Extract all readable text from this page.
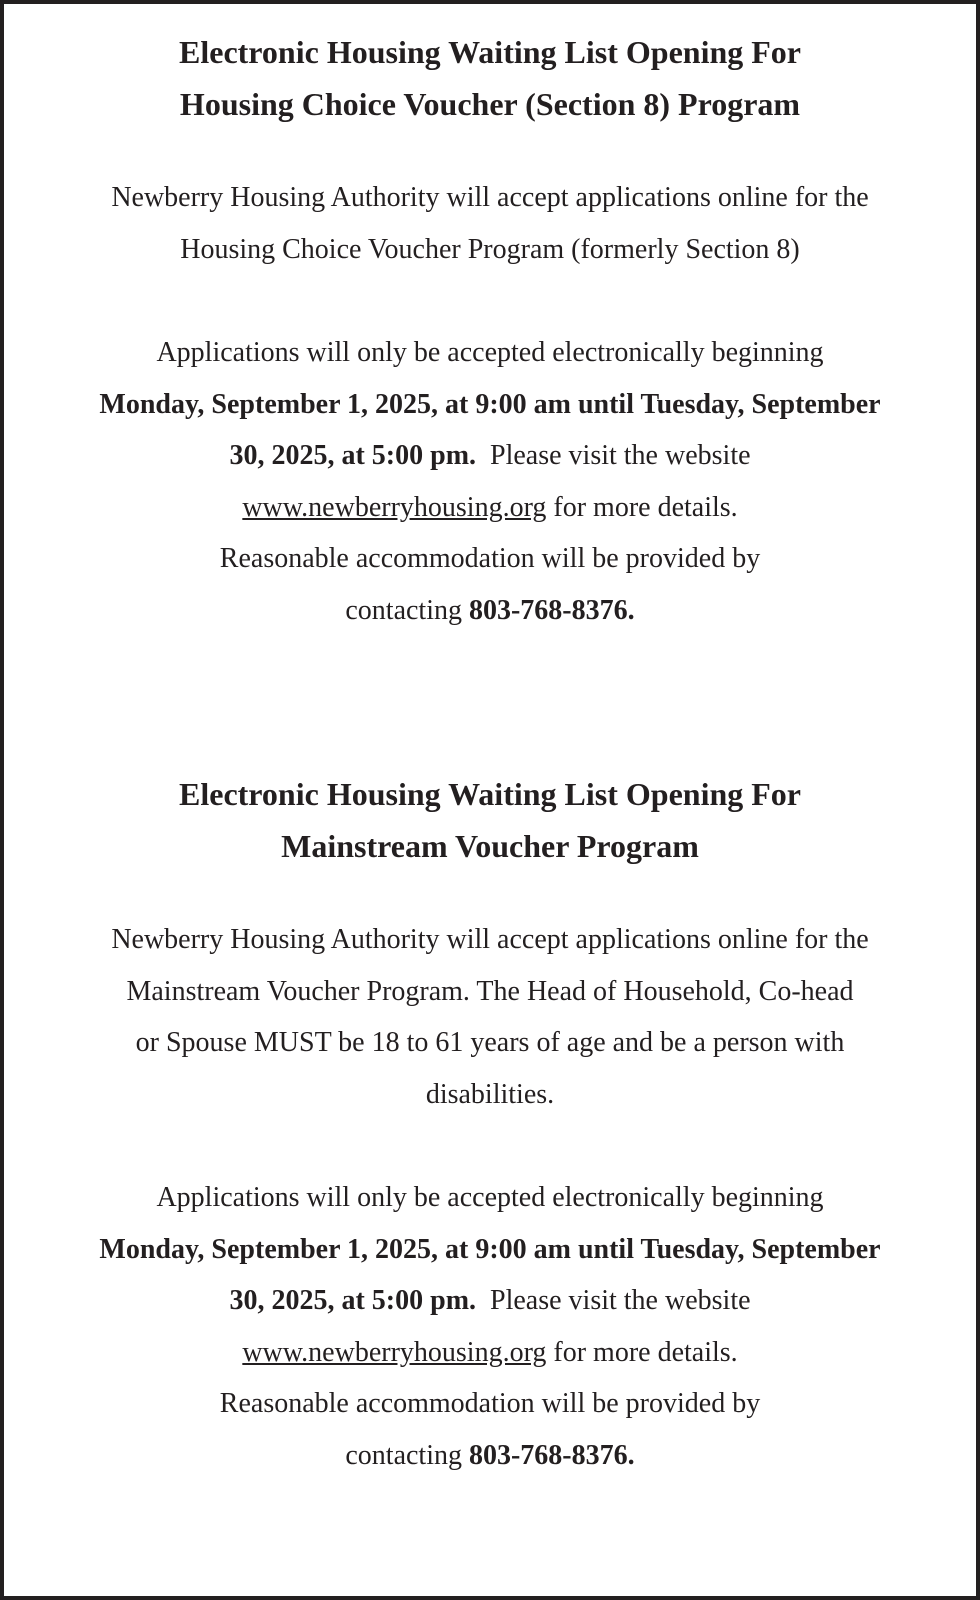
Electronic Housing Waiting List Opening For
Housing Choice Voucher (Section 8) Program

Newberry Housing Authority will accept applications online for the
Housing Choice Voucher Program (formerly Section 8)

Applications will only be accepted electronically beginning
Monday, September 1, 2025, at 9:00 am until Tuesday, September
30, 2025, at 5:00 pm. Please visit the website
www.newberryhousing.org for more details.
Reasonable accommodation will be provided by
contacting 803-768-8376.

Electronic Housing Waiting List Opening For
Mainstream Voucher Program

Newberry Housing Authority will accept applications online for the
Mainstream Voucher Program. The Head of Household, Co-head
or Spouse MUST be 18 to 61 years of age and be a person with
disabilities.

Applications will only be accepted electronically beginning
Monday, September 1, 2025, at 9:00 am until Tuesday, September
30, 2025, at 5:00 pm. Please visit the website
www.newberryhousing.org for more details.
Reasonable accommodation will be provided by
contacting 803-768-8376.
